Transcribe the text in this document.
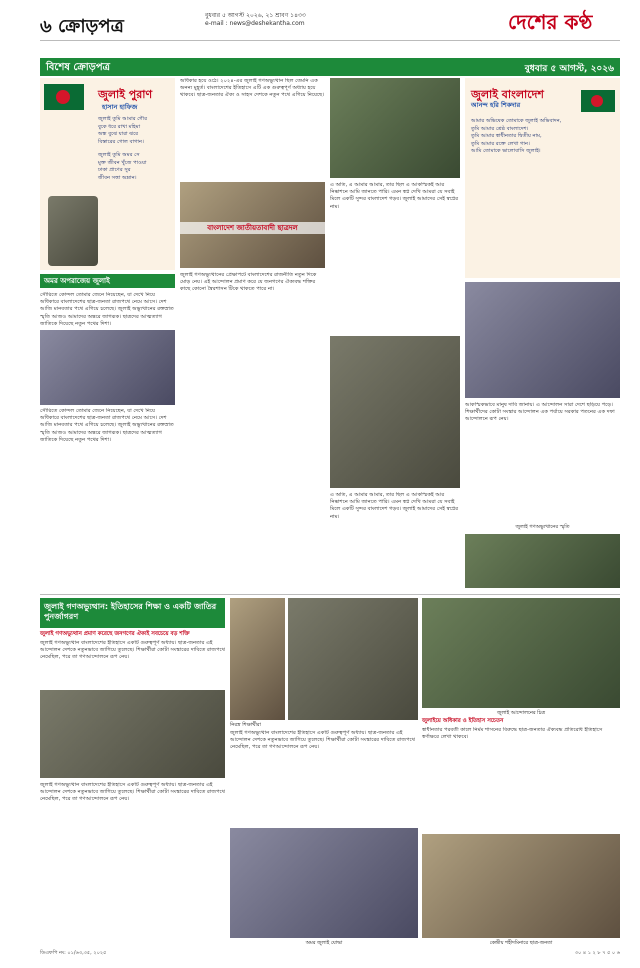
৬ ক্রোড়পত্র
বুধবার ৫ আগস্ট ২০২৬, ২১ শ্রাবণ ১৪৩৩
e-mail : news@deshekantha.com	দেশের কণ্ঠ
বিশেষ ক্রোড়পত্র	বুধবার ৫ আগস্ট, ২০২৬
জুলাই পুরাণ
হাসান হাফিজ
জুলাই তুমি আমার গৌর
বুকে ধরে রাখা মহিমা
অন্ধ বুঝে যারা ঝরে
বিস্তারের গোল বাগান।
জুলাই তুমি অমর সে
মুক্ত জীবন খুঁজে পাওয়া
ঢাকা প্রাণের সুর
জীবন সত্তা অম্লান।
অমর অপরাজেয় জুলাই
সৌরিতে কোন্দল তোমার জেনে নিয়েছেন, যা দেখে নিয়ে অধিকারে বাংলাদেশের ছাত্র-জনতা রাজপথে নেমে আসে। দেশ আজি মানবতার পথে এগিয়ে চলেছে। জুলাই অভ্যুত্থানের রক্তস্নাত স্মৃতি আজও আমাদের অন্তরে জাগরূক। ছাত্রদের আত্মত্যাগ জাতিকে দিয়েছে নতুন পথের দিশা।
সৌরিতে কোন্দল তোমার জেনে নিয়েছেন, যা দেখে নিয়ে অধিকারে বাংলাদেশের ছাত্র-জনতা রাজপথে নেমে আসে। দেশ আজি মানবতার পথে এগিয়ে চলেছে। জুলাই অভ্যুত্থানের রক্তস্নাত স্মৃতি আজও আমাদের অন্তরে জাগরূক। ছাত্রদের আত্মত্যাগ জাতিকে দিয়েছে নতুন পথের দিশা।
অধিকার হয়ে ওঠে। ২০২৪-এর জুলাই গণঅভ্যুত্থান ছিল তেমনি এক অনন্য মুহূর্ত। বাংলাদেশের ইতিহাসে এটি এক গুরুত্বপূর্ণ অধ্যায় হয়ে থাকবে। ছাত্র-জনতার ঐক্য ও সাহস দেশকে নতুন পথে এগিয়ে নিয়েছে।
বাংলাদেশ জাতীয়তাবাদী ছাত্রদল
জুলাই গণঅভ্যুত্থানের প্রেক্ষাপটে বাংলাদেশের রাজনীতি নতুন দিকে মোড় নেয়। এই আন্দোলন প্রমাণ করে যে জনগণের ঐক্যবদ্ধ শক্তির কাছে কোনো স্বৈরশাসন টিকে থাকতে পারে না।
এ অতি, এ আমার আমার, তার ছিল এ আকস্মিকই আর নিষ্কাশনে আমি জানতে পারি। এমন স্বপ্ন দেখি আমরা যে সবাই মিলে একটি সুন্দর বাংলাদেশ গড়ব। জুলাই আমাদের সেই স্বপ্নের নাম।
এ অতি, এ আমার আমার, তার ছিল এ আকস্মিকই আর নিষ্কাশনে আমি জানতে পারি। এমন স্বপ্ন দেখি আমরা যে সবাই মিলে একটি সুন্দর বাংলাদেশ গড়ব। জুলাই আমাদের সেই স্বপ্নের নাম।
জুলাই বাংলাদেশ
আনন্দ হরি শিকদার
আমার অভিষেক তোমাকে জুলাই অভিবাদন,
তুমি আমার শ্রেষ্ঠ বাংলাদেশ।
তুমি আমার স্বাধীনতার দ্বিতীয় নাম,
তুমি আমার রক্তে লেখা গান।
আমি তোমাকে ভালোবাসি জুলাই।
আকস্মিকভাবে মানুষ দাবি জানায়। এ আন্দোলন সারা দেশে ছড়িয়ে পড়ে। শিক্ষার্থীদের কোটা সংস্কার আন্দোলন এক পর্যায়ে সরকার পতনের এক দফা আন্দোলনে রূপ নেয়।
জুলাই গণঅভ্যুত্থানের স্মৃতি
জুলাই গণঅভ্যুত্থান: ইতিহাসের শিক্ষা ও একটি জাতির পুনর্জাগরণ
জুলাই গণঅভ্যুত্থান প্রমাণ করেছে জনগণের ঐক্যই সবচেয়ে বড় শক্তি
জুলাই গণঅভ্যুত্থান বাংলাদেশের ইতিহাসে একটি গুরুত্বপূর্ণ অধ্যায়। ছাত্র-জনতার এই আন্দোলন দেশকে নতুনভাবে জাগিয়ে তুলেছে। শিক্ষার্থীরা কোটা সংস্কারের দাবিতে রাজপথে নেমেছিল, পরে তা গণআন্দোলনে রূপ নেয়।
জুলাই গণঅভ্যুত্থান বাংলাদেশের ইতিহাসে একটি গুরুত্বপূর্ণ অধ্যায়। ছাত্র-জনতার এই আন্দোলন দেশকে নতুনভাবে জাগিয়ে তুলেছে। শিক্ষার্থীরা কোটা সংস্কারের দাবিতে রাজপথে নেমেছিল, পরে তা গণআন্দোলনে রূপ নেয়।
নিরস্ত্র শিক্ষার্থীরা
জুলাই গণঅভ্যুত্থান বাংলাদেশের ইতিহাসে একটি গুরুত্বপূর্ণ অধ্যায়। ছাত্র-জনতার এই আন্দোলন দেশকে নতুনভাবে জাগিয়ে তুলেছে। শিক্ষার্থীরা কোটা সংস্কারের দাবিতে রাজপথে নেমেছিল, পরে তা গণআন্দোলনে রূপ নেয়।
অমর জুলাই যোদ্ধা
জুলাই আন্দোলনের চিত্র
জুলাইয়ে অধিকার ও ইতিহাস সচেতন
স্বাধীনতার পরবর্তী কালে নির্মম শাসনের বিরুদ্ধে ছাত্র-জনতার ঐক্যবদ্ধ প্রতিরোধ ইতিহাসে স্বর্ণাক্ষরে লেখা থাকবে।
কেন্দ্রীয় শহীদমিনারে ছাত্র-জনতা
ডিএফপি নং: ০১/৬৩,৩৫, ২০২৫	৩০ ৪ ১ ২ ৮ ৭ ৫ ০ ৬
